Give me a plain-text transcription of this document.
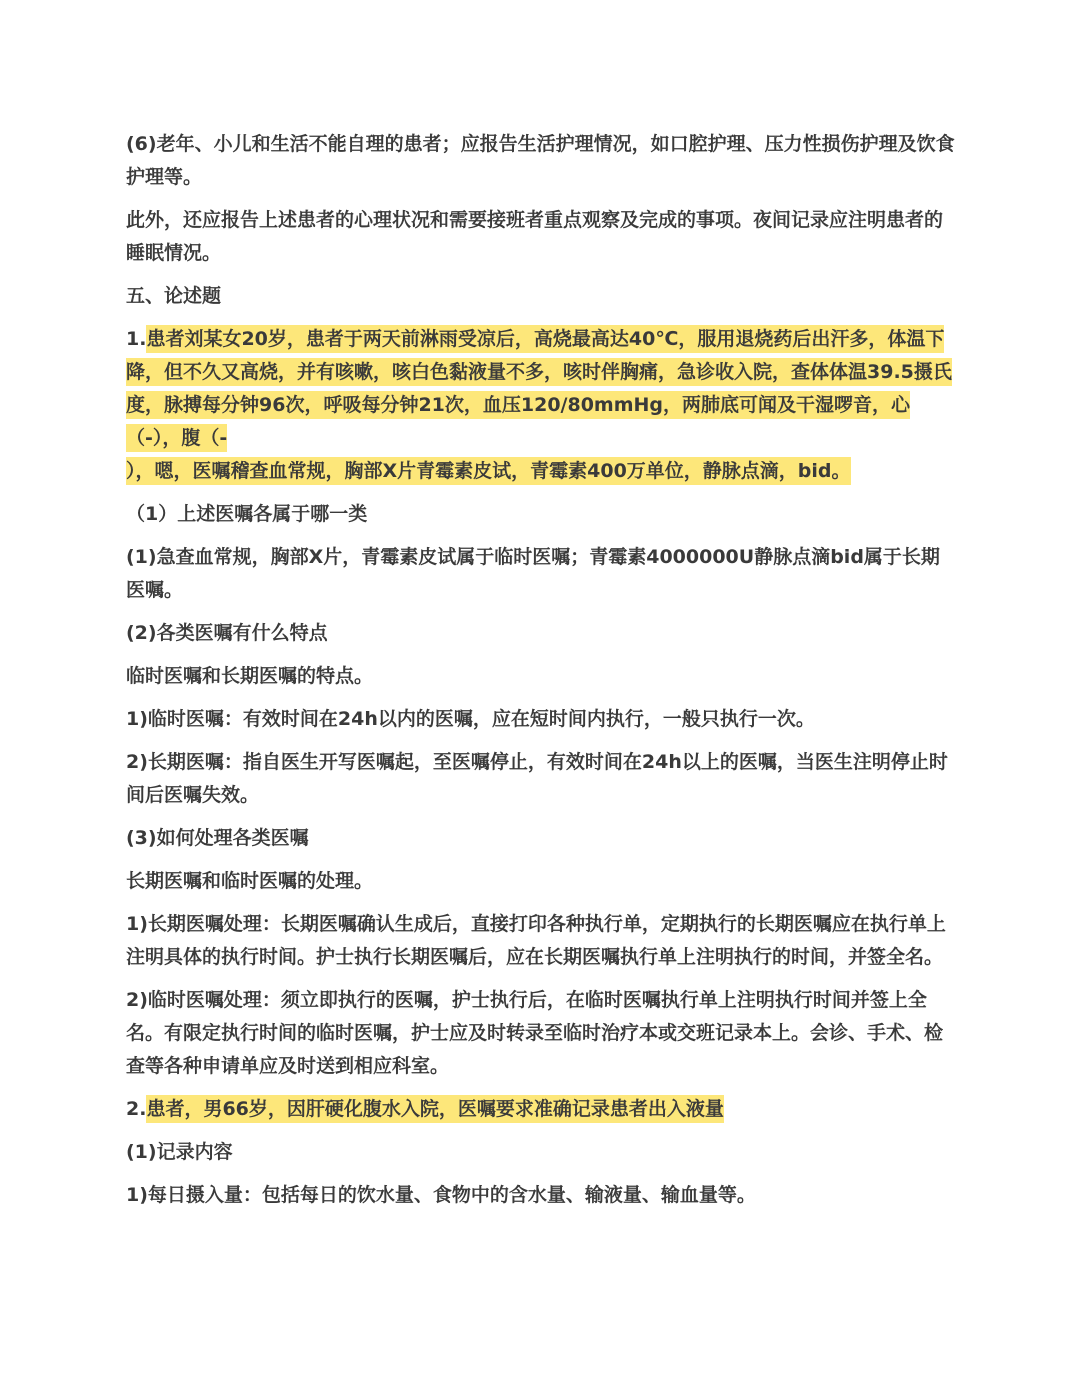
(6)老年、小儿和生活不能自理的患者；应报告生活护理情况，如口腔护理、压力性损伤护理及饮食护理等。

此外，还应报告上述患者的心理状况和需要接班者重点观察及完成的事项。夜间记录应注明患者的睡眠情况。

五、论述题

1.患者刘某女20岁，患者于两天前淋雨受凉后，高烧最高达40℃，服用退烧药后出汗多，体温下降，但不久又高烧，并有咳嗽，咳白色黏液量不多，咳时伴胸痛，急诊收入院，查体体温39.5摄氏度，脉搏每分钟96次，呼吸每分钟21次，血压120/80mmHg，两肺底可闻及干湿啰音，心（-），腹（-
），嗯，医嘱稽查血常规，胸部X片青霉素皮试，青霉素400万单位，静脉点滴，bid。

（1）上述医嘱各属于哪一类

(1)急查血常规，胸部X片，青霉素皮试属于临时医嘱；青霉素4000000U静脉点滴bid属于长期医嘱。

(2)各类医嘱有什么特点

临时医嘱和长期医嘱的特点。

1)临时医嘱：有效时间在24h以内的医嘱，应在短时间内执行，一般只执行一次。

2)长期医嘱：指自医生开写医嘱起，至医嘱停止，有效时间在24h以上的医嘱，当医生注明停止时间后医嘱失效。

(3)如何处理各类医嘱

长期医嘱和临时医嘱的处理。

1)长期医嘱处理：长期医嘱确认生成后，直接打印各种执行单，定期执行的长期医嘱应在执行单上注明具体的执行时间。护士执行长期医嘱后，应在长期医嘱执行单上注明执行的时间，并签全名。

2)临时医嘱处理：须立即执行的医嘱，护士执行后，在临时医嘱执行单上注明执行时间并签上全名。有限定执行时间的临时医嘱，护士应及时转录至临时治疗本或交班记录本上。会诊、手术、检查等各种申请单应及时送到相应科室。

2.患者，男66岁，因肝硬化腹水入院，医嘱要求准确记录患者出入液量

(1)记录内容

1)每日摄入量：包括每日的饮水量、食物中的含水量、输液量、输血量等。
